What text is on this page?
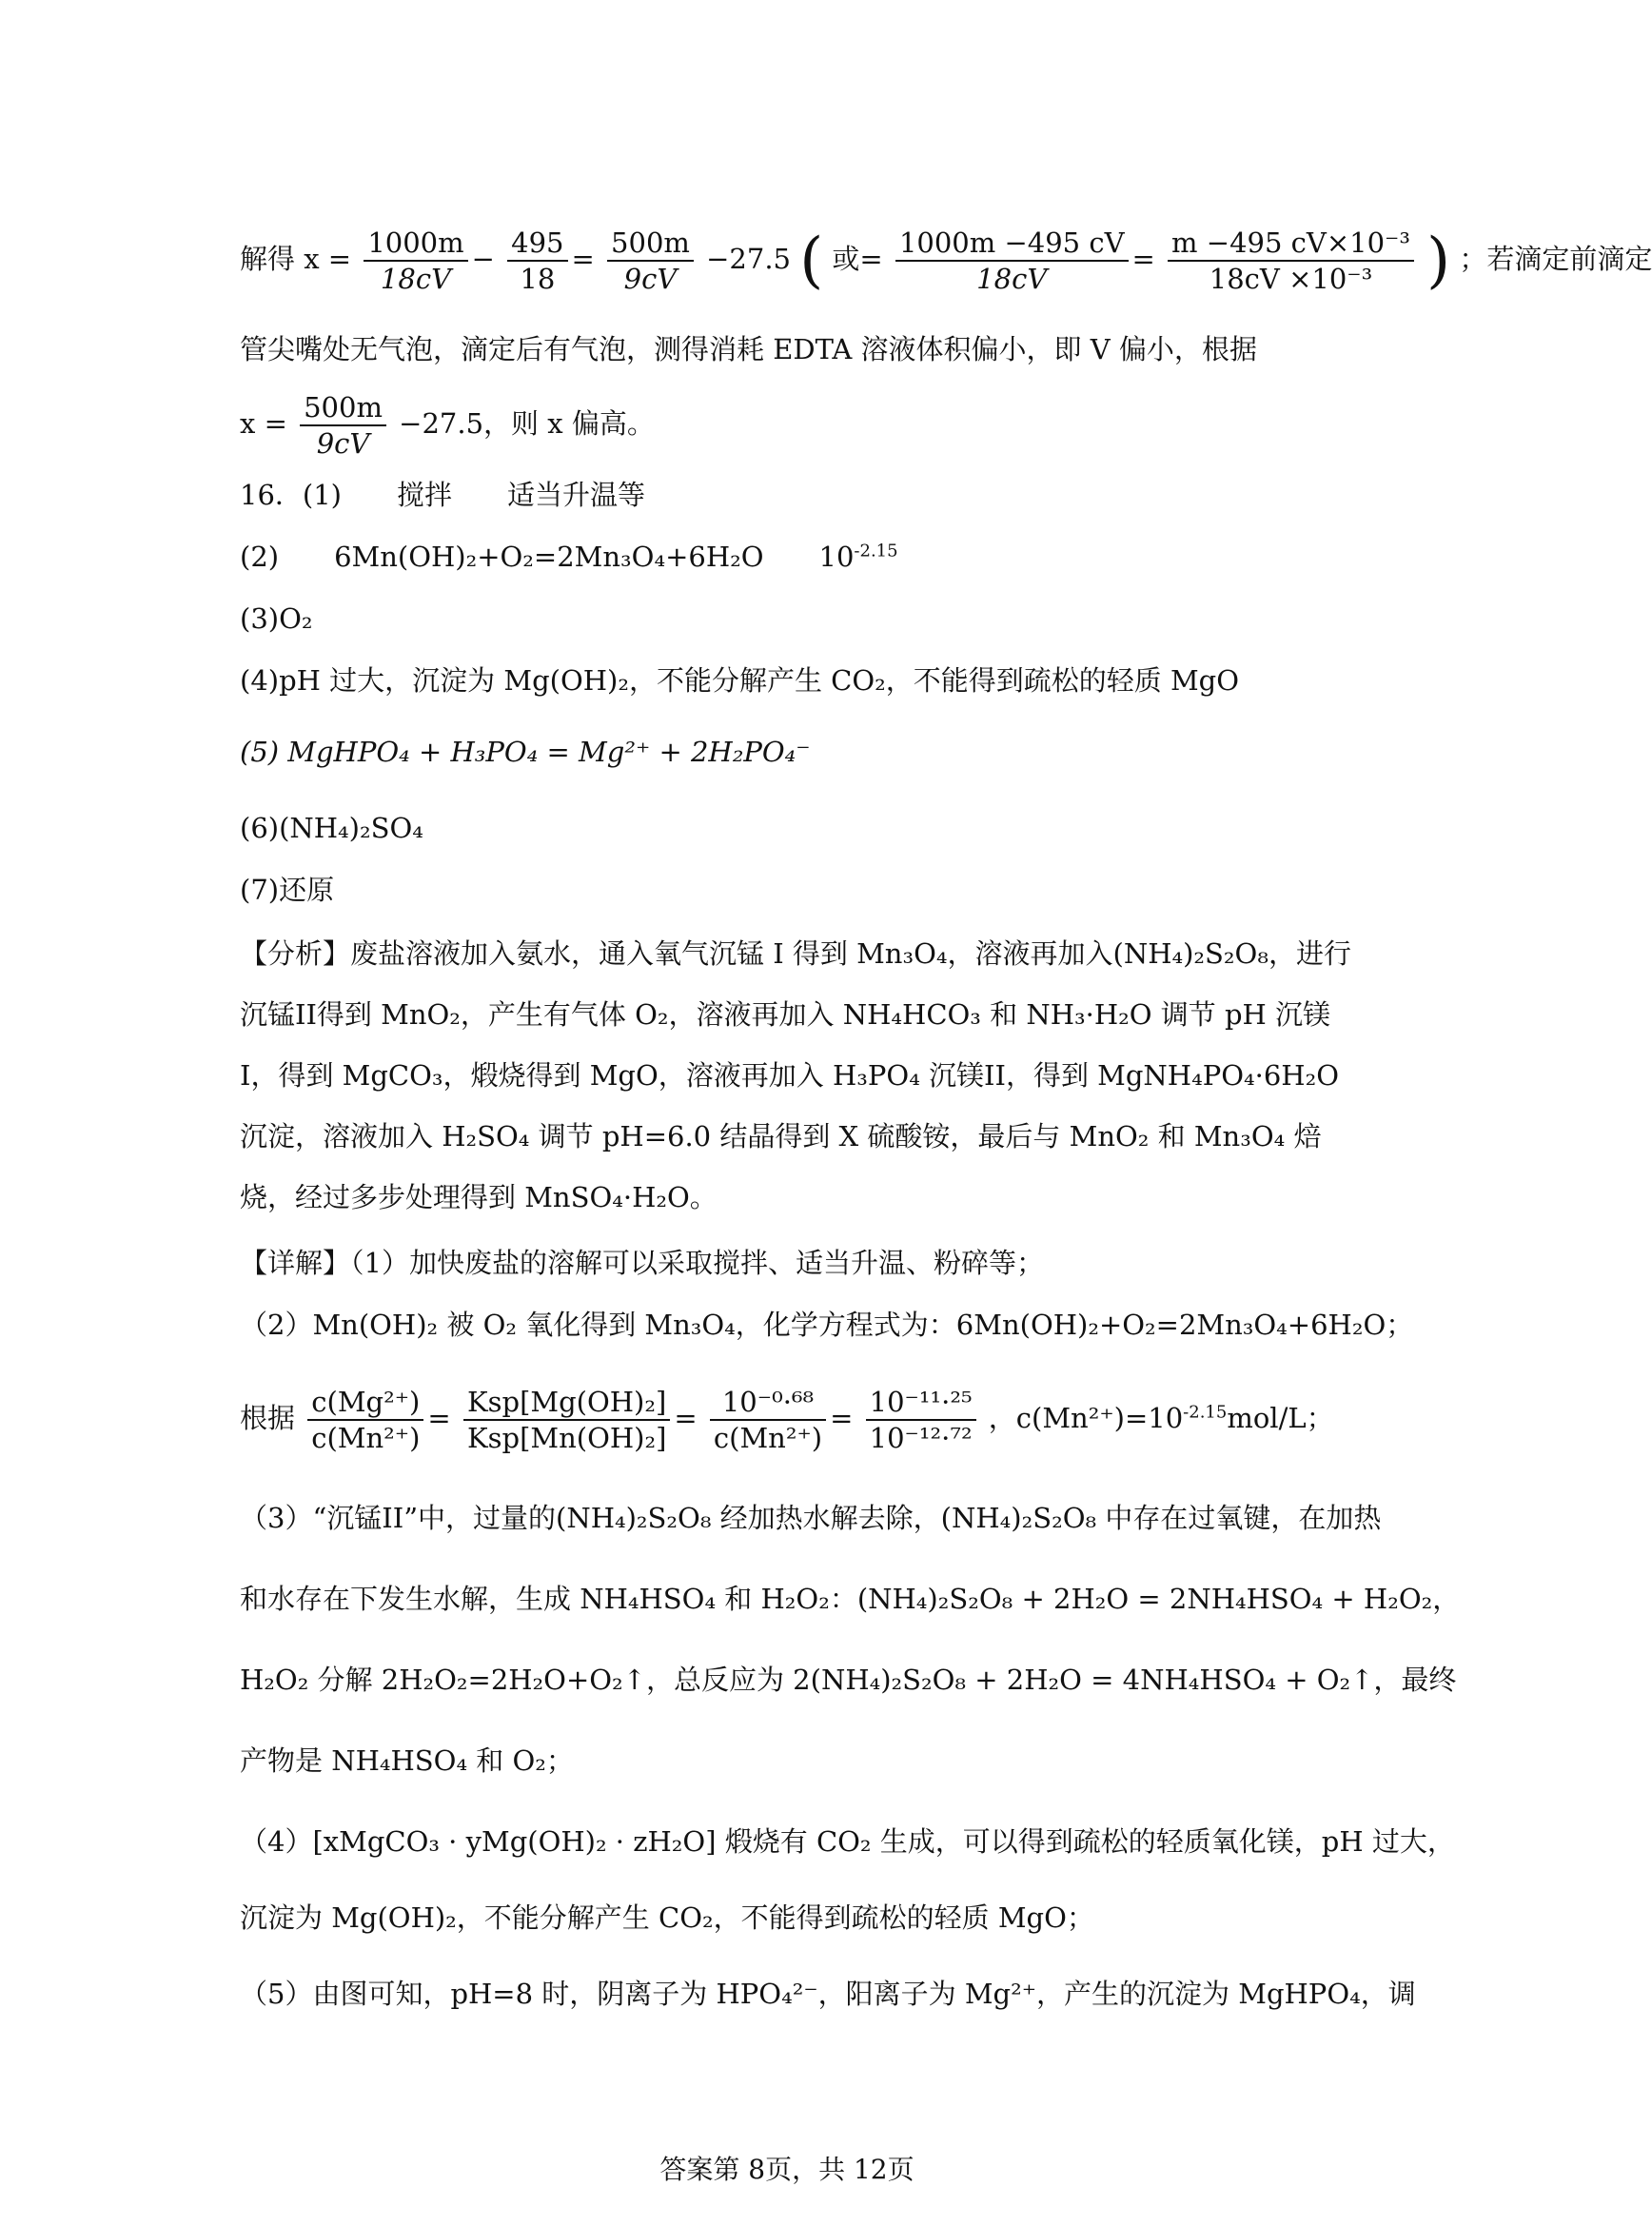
解得 $x = \frac{1000m}{18cV} - \frac{495}{18} = \frac{500m}{9cV} -27.5$ ( 或= $\frac{1000m -495 cV}{18cV} = \frac{\text{m −495 cV×10⁻³}}{\text{18cV ×10⁻³}}$ ) ；若滴定前滴定
管尖嘴处无气泡，滴定后有气泡，测得消耗 EDTA 溶液体积偏小，即 V 偏小，根据
$x = \frac{500m}{9cV} -27.5$，则 x 偏高。
16．(1)　　搅拌　　适当升温等
(2)　　6Mn(OH)₂+O₂=2Mn₃O₄+6H₂O　　$10^{-2.15}$
(3)O₂
(4)pH 过大，沉淀为 Mg(OH)₂，不能分解产生 CO₂，不能得到疏松的轻质 MgO
(5) MgHPO₄ + H₃PO₄ = Mg²⁺ + 2H₂PO₄⁻
(6)(NH₄)₂SO₄
(7)还原
【分析】废盐溶液加入氨水，通入氧气沉锰 I 得到 Mn₃O₄，溶液再加入(NH₄)₂S₂O₈，进行沉锰II得到 MnO₂，产生有气体 O₂，溶液再加入 NH₄HCO₃ 和 NH₃·H₂O 调节 pH 沉镁 I，得到 MgCO₃，煅烧得到 MgO，溶液再加入 H₃PO₄ 沉镁II，得到 MgNH₄PO₄·6H₂O 沉淀，溶液加入 H₂SO₄ 调节 pH=6.0 结晶得到 X 硫酸铵，最后与 MnO₂ 和 Mn₃O₄ 焙烧，经过多步处理得到 MnSO₄·H₂O。
【详解】（1）加快废盐的溶解可以采取搅拌、适当升温、粉碎等；
（2）Mn(OH)₂ 被 O₂ 氧化得到 Mn₃O₄，化学方程式为：6Mn(OH)₂+O₂=2Mn₃O₄+6H₂O；
根据 $\frac{\text{c(Mg²⁺)}}{\text{c(Mn²⁺)}} = \frac{\text{Ksp[Mg(OH)₂]}}{\text{Ksp[Mn(OH)₂]}} = \frac{\text{10⁻⁰·⁶⁸}}{\text{c(Mn²⁺)}} = \frac{\text{10⁻¹¹·²⁵}}{\text{10⁻¹²·⁷²}}$ ，$c(Mn^{2+})=10^{-2.15}mol/L$；
（3）“沉锰II”中，过量的(NH₄)₂S₂O₈ 经加热水解去除，(NH₄)₂S₂O₈ 中存在过氧键，在加热
和水存在下发生水解，生成 NH₄HSO₄ 和 H₂O₂：(NH₄)₂S₂O₈ + 2H₂O = 2NH₄HSO₄ + H₂O₂，
H₂O₂ 分解 2H₂O₂=2H₂O+O₂↑，总反应为 2(NH₄)₂S₂O₈ + 2H₂O = 4NH₄HSO₄ + O₂↑，最终
产物是 NH₄HSO₄ 和 O₂；
（4）[xMgCO₃ · yMg(OH)₂ · zH₂O] 煅烧有 CO₂ 生成，可以得到疏松的轻质氧化镁，pH 过大，
沉淀为 Mg(OH)₂，不能分解产生 CO₂，不能得到疏松的轻质 MgO；
（5）由图可知，pH=8 时，阴离子为 HPO₄²⁻，阳离子为 Mg²⁺，产生的沉淀为 MgHPO₄，调
答案第 8页，共 12页
